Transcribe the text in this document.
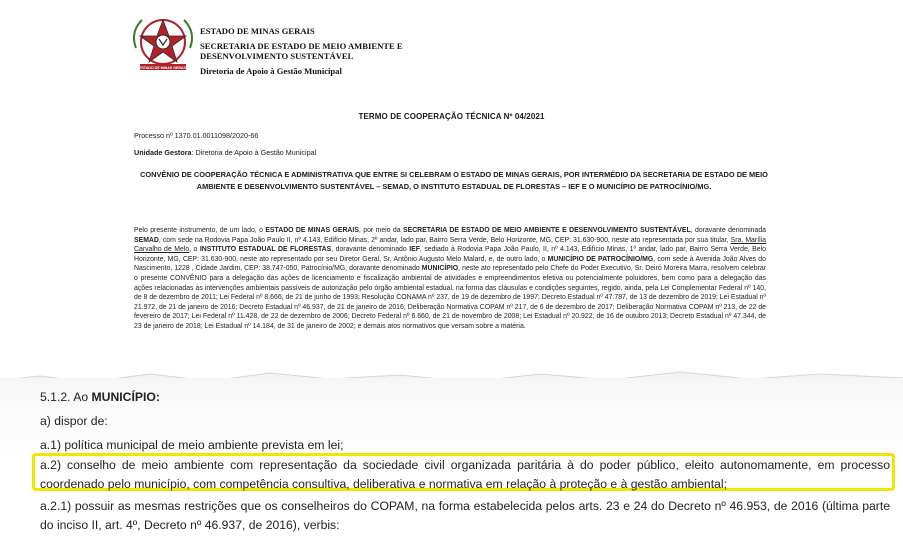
ESTADO DE MINAS GERAIS
ESTADO DE MINAS GERAIS
SECRETARIA DE ESTADO DE MEIO AMBIENTE E
DESENVOLVIMENTO SUSTENTÁVEL
Diretoria de Apoio à Gestão Municipal
TERMO DE COOPERAÇÃO TÉCNICA Nº 04/2021
Processo nº 1370.01.0011098/2020-66
Unidade Gestora: Diretoria de Apoio à Gestão Municipal
CONVÊNIO DE COOPERAÇÃO TÉCNICA E ADMINISTRATIVA QUE ENTRE SI CELEBRAM O ESTADO DE MINAS GERAIS, POR INTERMÉDIO DA SECRETARIA DE ESTADO DE MEIO AMBIENTE E DESENVOLVIMENTO SUSTENTÁVEL – SEMAD, O INSTITUTO ESTADUAL DE FLORESTAS – IEF E O MUNICÍPIO DE PATROCÍNIO/MG.
Pelo presente instrumento, de um lado, o ESTADO DE MINAS GERAIS, por meio da SECRETARIA DE ESTADO DE MEIO AMBIENTE E DESENVOLVIMENTO SUSTENTÁVEL, doravante denominada SEMAD, com sede na Rodovia Papa João Paulo II, nº 4.143, Edifício Minas, 2º andar, lado par, Bairro Serra Verde, Belo Horizonte, MG, CEP: 31.630-900, neste ato representada por sua titular, Sra. Marília Carvalho de Melo, o INSTITUTO ESTADUAL DE FLORESTAS, doravante denominado IEF, sediado à Rodovia Papa João Paulo, II, nº 4.143, Edifício Minas, 1º andar, lado par, Bairro Serra Verde, Belo Horizonte, MG, CEP: 31.630-900, neste ato representado por seu Diretor Geral, Sr. Antônio Augusto Melo Malard, e, de outro lado, o MUNICÍPIO DE PATROCÍNIO/MG, com sede à Avenida João Alves do Nascimento, 1228 , Cidade Jardim, CEP: 38.747-050, Patrocínio/MG, doravante denominado MUNICÍPIO, neste ato representado pelo Chefe do Poder Executivo, Sr. Deiró Moreira Marra, resolvem celebrar o presente CONVÊNIO para a delegação das ações de licenciamento e fiscalização ambiental de atividades e empreendimentos efetiva ou potencialmente poluidores, bem como para a delegação das ações relacionadas às intervenções ambientais passíveis de autorização pelo órgão ambiental estadual, na forma das cláusulas e condições seguintes, regido, ainda, pela Lei Complementar Federal nº 140, de 8 de dezembro de 2011; Lei Federal nº 8.666, de 21 de junho de 1993; Resolução CONAMA nº 237, de 19 de dezembro de 1997; Decreto Estadual nº 47.787, de 13 de dezembro de 2019; Lei Estadual nº 21.972, de 21 de janeiro de 2016; Decreto Estadual nº 46.937, de 21 de janeiro de 2016; Deliberação Normativa COPAM nº 217, de 6 de dezembro de 2017; Deliberação Normativa COPAM nº 213, de 22 de fevereiro de 2017; Lei Federal nº 11.428, de 22 de dezembro de 2006; Decreto Federal nº 6.660, de 21 de novembro de 2008; Lei Estadual nº 20.922, de 16 de outubro 2013; Decreto Estadual nº 47.344, de 23 de janeiro de 2018; Lei Estadual nº 14.184, de 31 de janeiro de 2002; e demais atos normativos que versam sobre a matéria.
5.1.2. Ao MUNICÍPIO:
a) dispor de:
a.1) política municipal de meio ambiente prevista em lei;
a.2) conselho de meio ambiente com representação da sociedade civil organizada paritária à do poder público, eleito autonomamente, em processo coordenado pelo município, com competência consultiva, deliberativa e normativa em relação à proteção e à gestão ambiental;
a.2.1) possuir as mesmas restrições que os conselheiros do COPAM, na forma estabelecida pelos arts. 23 e 24 do Decreto nº 46.953, de 2016 (última parte do inciso II, art. 4º, Decreto nº 46.937, de 2016), verbis:
